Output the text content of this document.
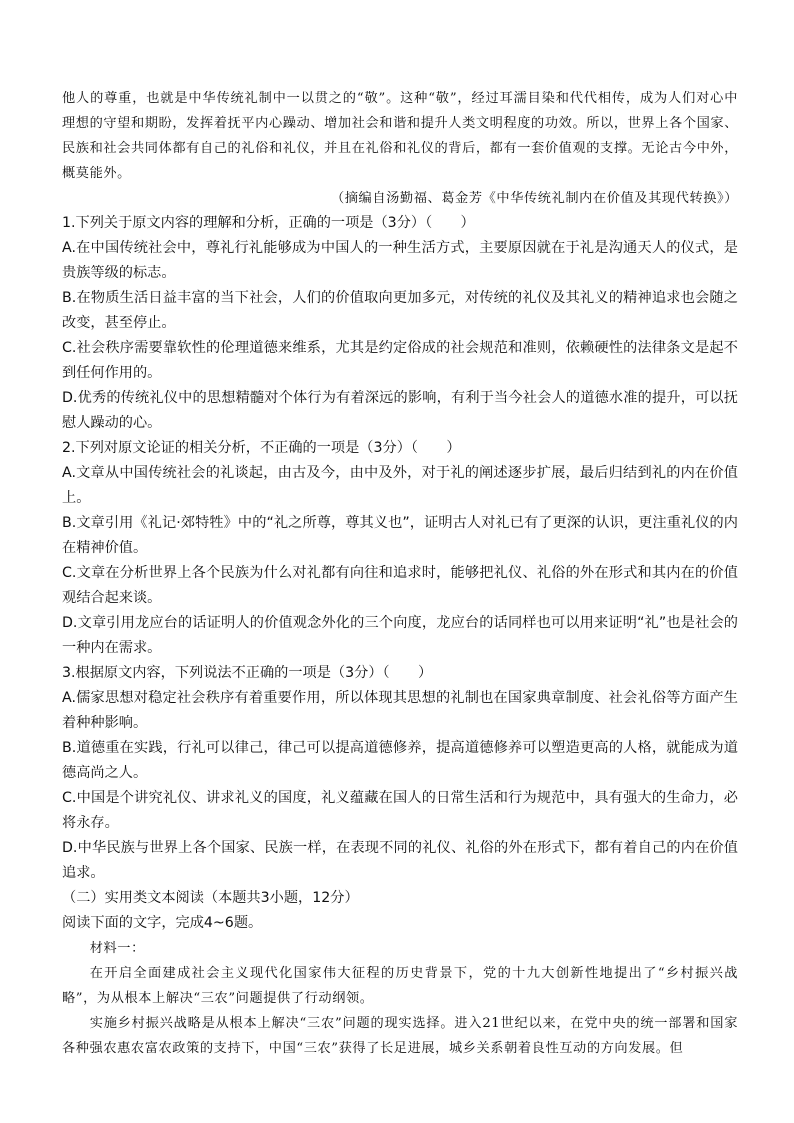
他人的尊重，也就是中华传统礼制中一以贯之的“敬”。这种“敬”，经过耳濡目染和代代相传，成为人们对心中理想的守望和期盼，发挥着抚平内心躁动、增加社会和谐和提升人类文明程度的功效。所以，世界上各个国家、民族和社会共同体都有自己的礼俗和礼仪，并且在礼俗和礼仪的背后，都有一套价值观的支撑。无论古今中外，概莫能外。

（摘编自汤勤福、葛金芳《中华传统礼制内在价值及其现代转换》）

1.下列关于原文内容的理解和分析，正确的一项是（3分）（　　）

A.在中国传统社会中，尊礼行礼能够成为中国人的一种生活方式，主要原因就在于礼是沟通天人的仪式，是贵族等级的标志。

B.在物质生活日益丰富的当下社会，人们的价值取向更加多元，对传统的礼仪及其礼义的精神追求也会随之改变，甚至停止。

C.社会秩序需要靠软性的伦理道德来维系，尤其是约定俗成的社会规范和准则，依赖硬性的法律条文是起不到任何作用的。

D.优秀的传统礼仪中的思想精髓对个体行为有着深远的影响，有利于当今社会人的道德水准的提升，可以抚慰人躁动的心。

2.下列对原文论证的相关分析，不正确的一项是（3分）（　　）

A.文章从中国传统社会的礼谈起，由古及今，由中及外，对于礼的阐述逐步扩展，最后归结到礼的内在价值上。

B.文章引用《礼记·郊特牲》中的“礼之所尊，尊其义也”，证明古人对礼已有了更深的认识，更注重礼仪的内在精神价值。

C.文章在分析世界上各个民族为什么对礼都有向往和追求时，能够把礼仪、礼俗的外在形式和其内在的价值观结合起来谈。

D.文章引用龙应台的话证明人的价值观念外化的三个向度，龙应台的话同样也可以用来证明“礼”也是社会的一种内在需求。

3.根据原文内容，下列说法不正确的一项是（3分）（　　）

A.儒家思想对稳定社会秩序有着重要作用，所以体现其思想的礼制也在国家典章制度、社会礼俗等方面产生着种种影响。

B.道德重在实践，行礼可以律己，律己可以提高道德修养，提高道德修养可以塑造更高的人格，就能成为道德高尚之人。

C.中国是个讲究礼仪、讲求礼义的国度，礼义蕴藏在国人的日常生活和行为规范中，具有强大的生命力，必将永存。

D.中华民族与世界上各个国家、民族一样，在表现不同的礼仪、礼俗的外在形式下，都有着自己的内在价值追求。

（二）实用类文本阅读（本题共3小题，12分）

阅读下面的文字，完成4~6题。

材料一：

在开启全面建成社会主义现代化国家伟大征程的历史背景下，党的十九大创新性地提出了“乡村振兴战略”，为从根本上解决“三农”问题提供了行动纲领。

实施乡村振兴战略是从根本上解决“三农”问题的现实选择。进入21世纪以来，在党中央的统一部署和国家各种强农惠农富农政策的支持下，中国“三农”获得了长足进展，城乡关系朝着良性互动的方向发展。但
